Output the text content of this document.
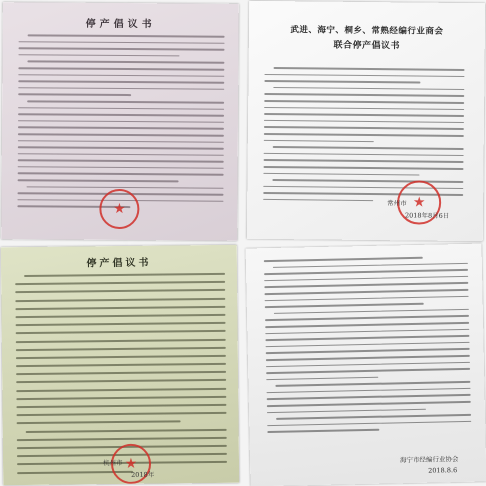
停产倡议书
★
武进、海宁、桐乡、常熟经编行业商会
联合停产倡议书
★
常州市
2018年8月6日
停产倡议书
★
杭州市
2018年
海宁市经编行业协会
2018.8.6
